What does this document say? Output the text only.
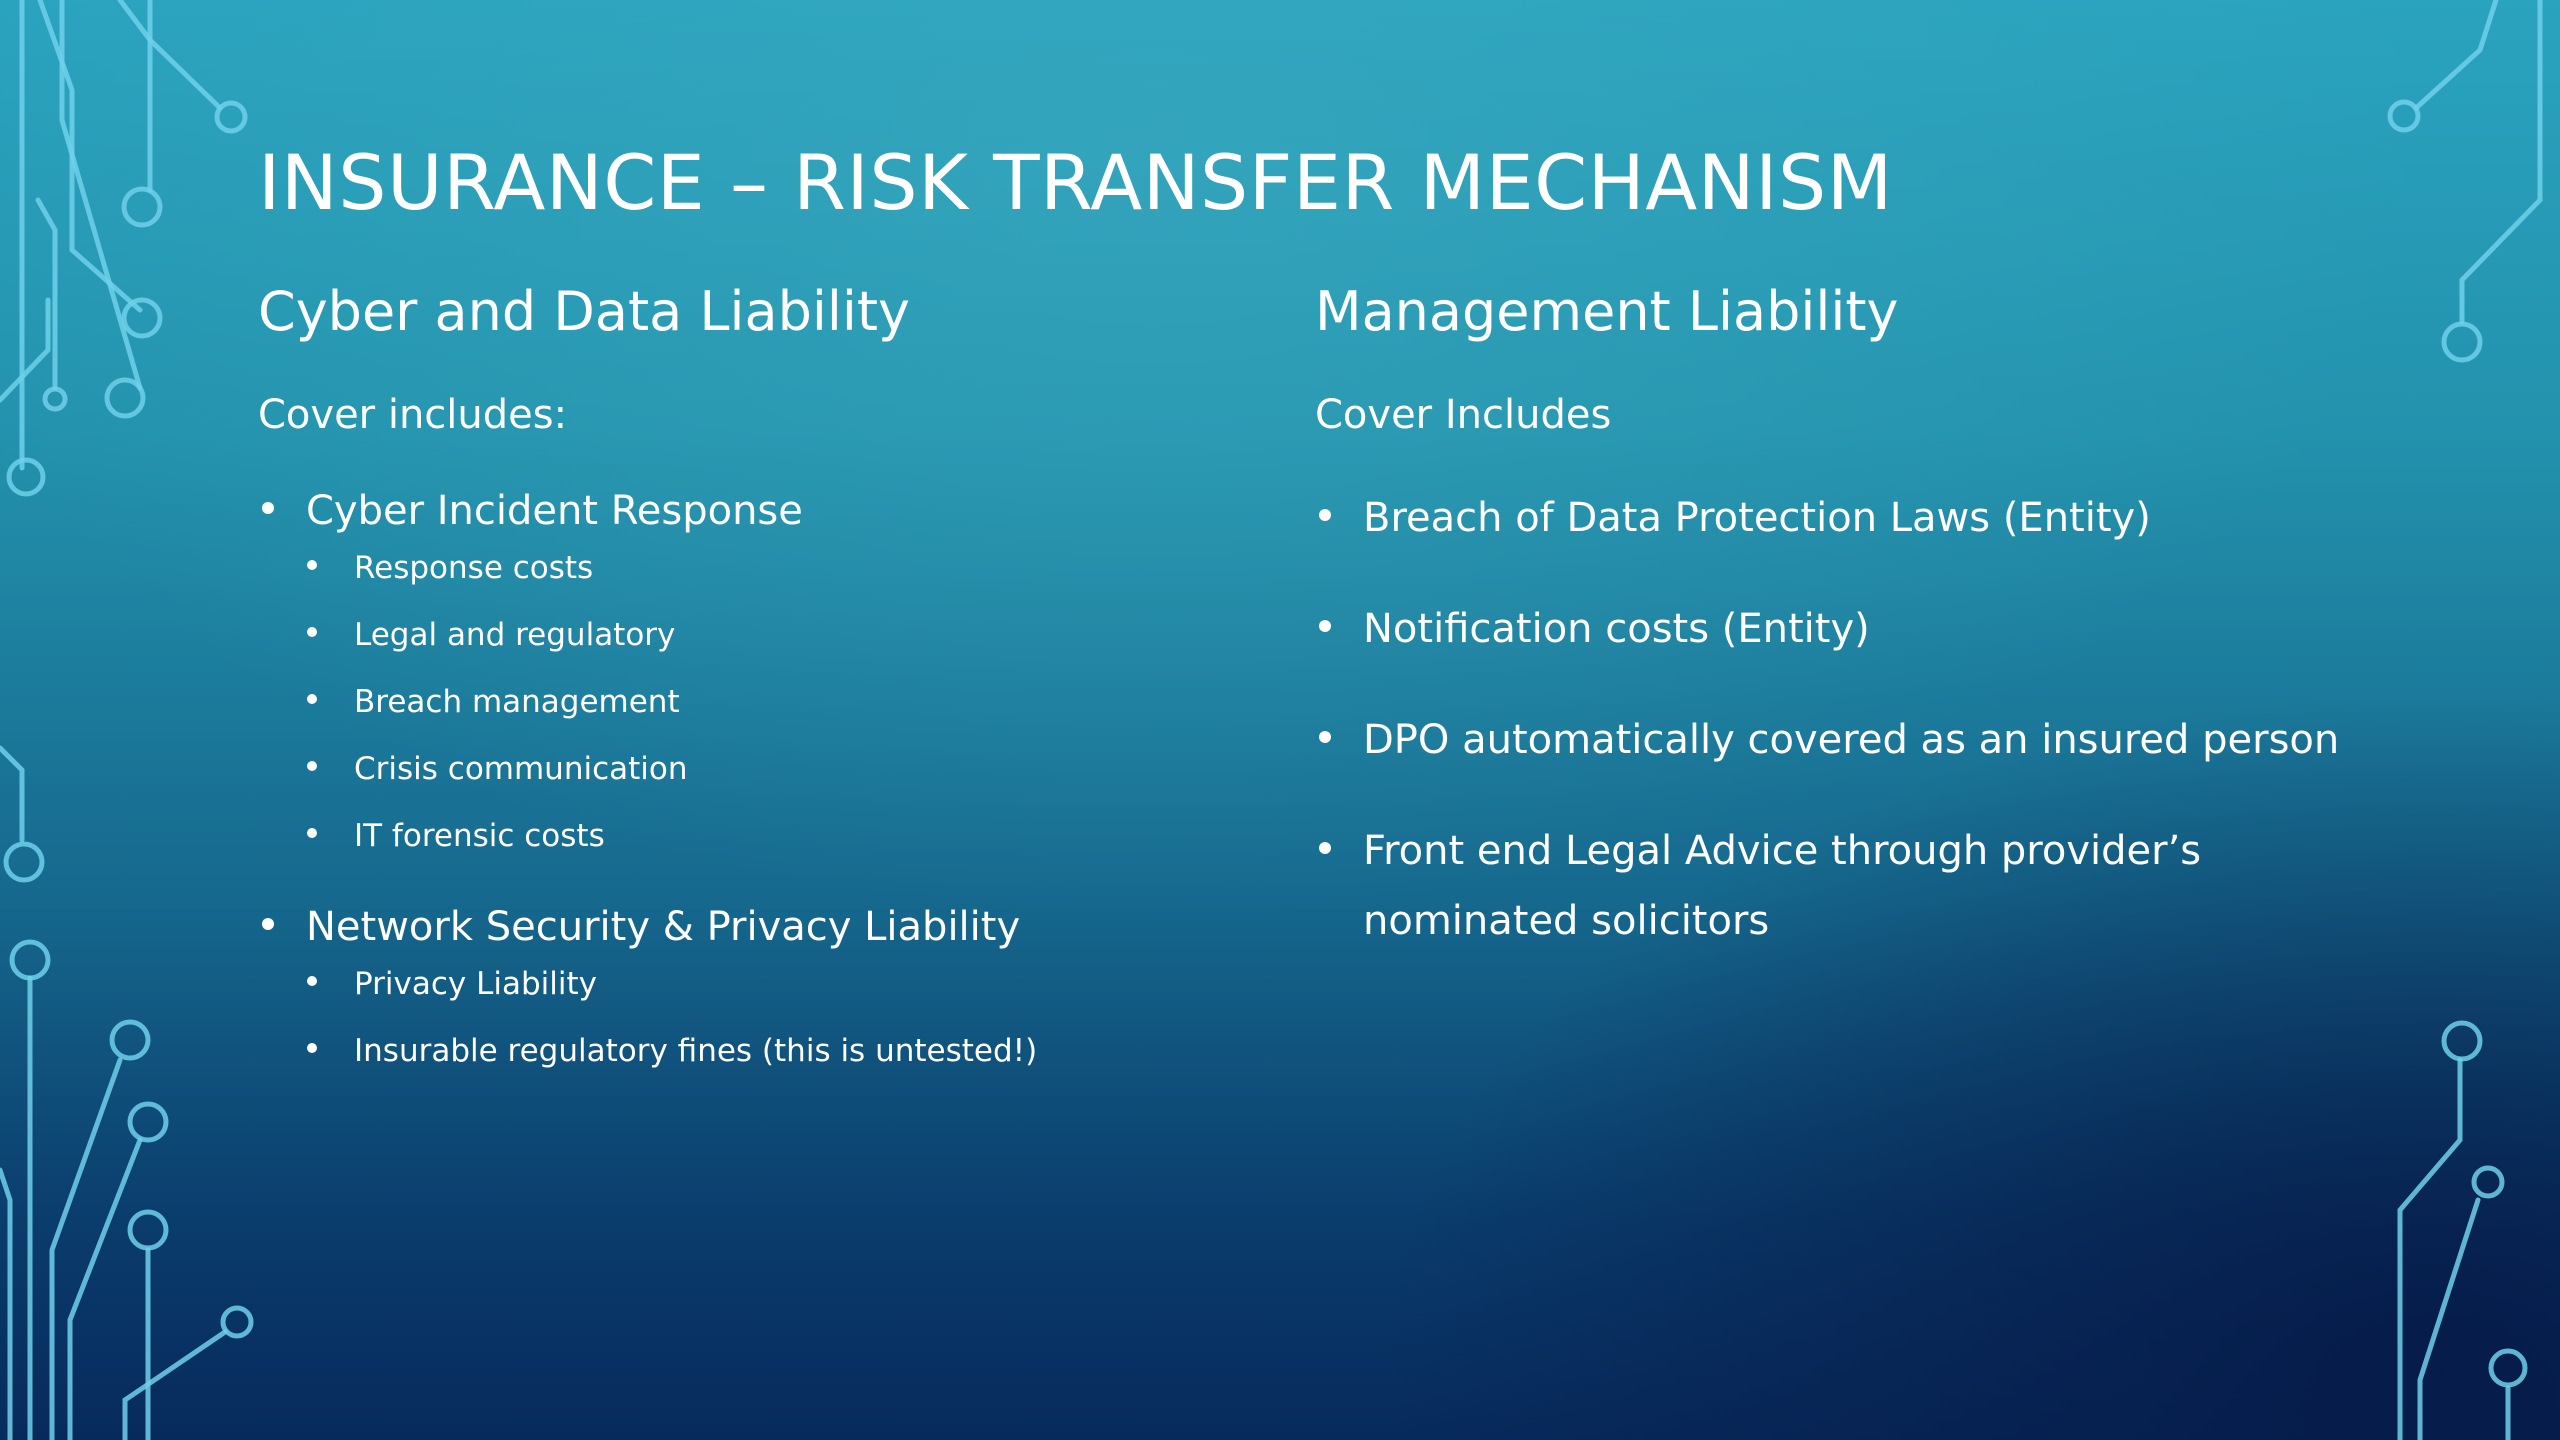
INSURANCE – RISK TRANSFER MECHANISM
Cyber and Data Liability

Cover includes:

Cyber Incident Response
Response costs
Legal and regulatory
Breach management
Crisis communication
IT forensic costs
Network Security & Privacy Liability
Privacy Liability
Insurable regulatory fines (this is untested!)
Management Liability

Cover Includes

Breach of Data Protection Laws (Entity)
Notification costs (Entity)
DPO automatically covered as an insured person
Front end Legal Advice through provider’s nominated solicitors
